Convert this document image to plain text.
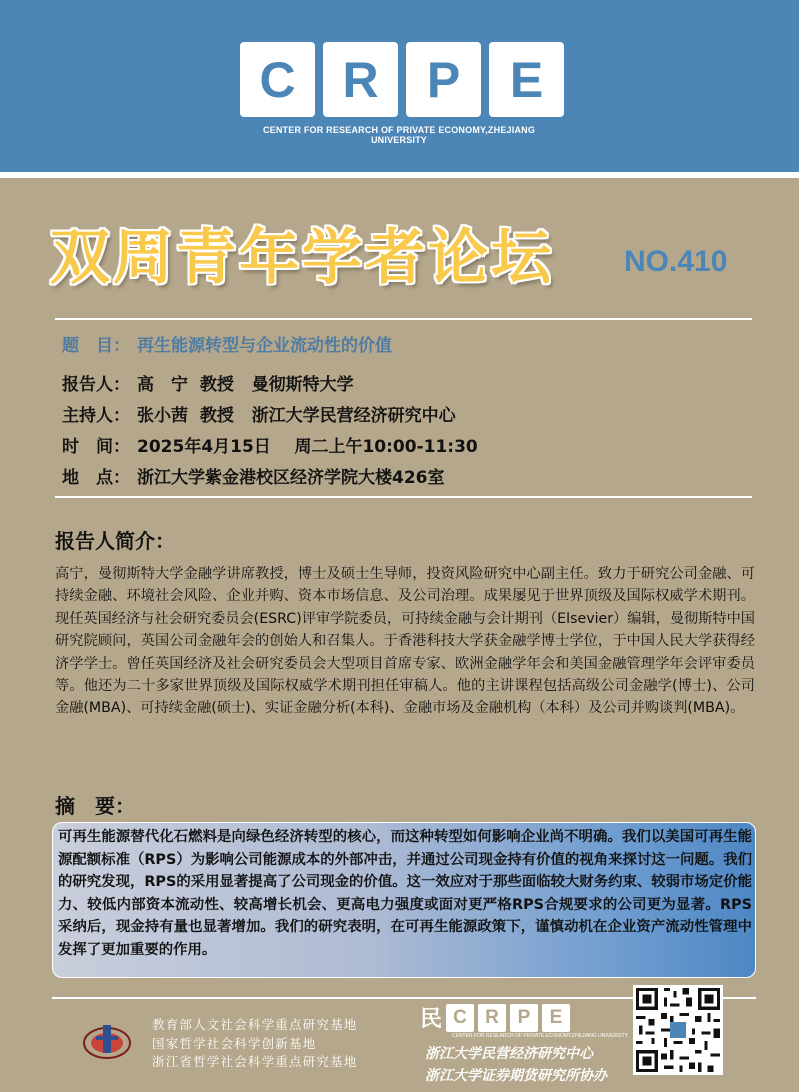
C R P E
CENTER FOR RESEARCH OF PRIVATE ECONOMY,ZHEJIANG UNIVERSITY
双周青年学者论坛 NO.410
题　目： 再生能源转型与企业流动性的价值
报告人： 高　宁  教授   曼彻斯特大学
主持人： 张小茜  教授   浙江大学民营经济研究中心
时　间： 2025年4月15日    周二上午10:00-11:30
地　点： 浙江大学紫金港校区经济学院大楼426室
报告人简介：
高宁，曼彻斯特大学金融学讲席教授，博士及硕士生导师，投资风险研究中心副主任。致力于研究公司金融、可持续金融、环境社会风险、企业并购、资本市场信息、及公司治理。成果屡见于世界顶级及国际权威学术期刊。现任英国经济与社会研究委员会(ESRC)评审学院委员，可持续金融与会计期刊（Elsevier）编辑，曼彻斯特中国研究院顾问，英国公司金融年会的创始人和召集人。于香港科技大学获金融学博士学位，于中国人民大学获得经济学学士。曾任英国经济及社会研究委员会大型项目首席专家、欧洲金融学年会和美国金融管理学年会评审委员等。他还为二十多家世界顶级及国际权威学术期刊担任审稿人。他的主讲课程包括高级公司金融学(博士)、公司金融(MBA)、可持续金融(硕士)、实证金融分析(本科)、金融市场及金融机构（本科）及公司并购谈判(MBA)。
摘　要：
可再生能源替代化石燃料是向绿色经济转型的核心，而这种转型如何影响企业尚不明确。我们以美国可再生能源配额标准（RPS）为影响公司能源成本的外部冲击，并通过公司现金持有价值的视角来探讨这一问题。我们的研究发现，RPS的采用显著提高了公司现金的价值。这一效应对于那些面临较大财务约束、较弱市场定价能力、较低内部资本流动性、较高增长机会、更高电力强度或面对更严格RPS合规要求的公司更为显著。RPS采纳后，现金持有量也显著增加。我们的研究表明，在可再生能源政策下，谨慎动机在企业资产流动性管理中发挥了更加重要的作用。
教育部人文社会科学重点研究基地
国家哲学社会科学创新基地
浙江省哲学社会科学重点研究基地
民 C R P	E
CENTER FOR RESEARCH OF PRIVATE ECONOMY,ZHEJIANG UNIVERSITY
浙江大学民营经济研究中心
浙江大学证券期货研究所协办
